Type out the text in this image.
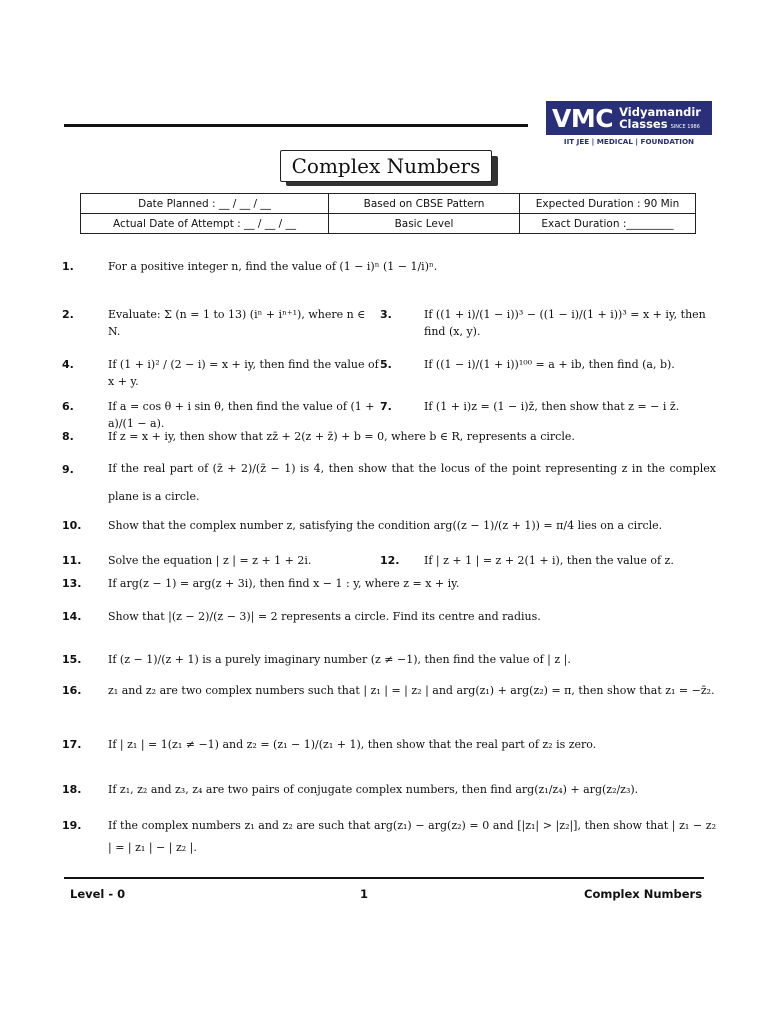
VMC Vidyamandir
Classes SINCE 1986
IIT JEE | MEDICAL | FOUNDATION
Complex Numbers
Date Planned : __ / __ / __	Based on CBSE Pattern	Expected Duration : 90 Min
Actual Date of Attempt : __ / __ / __	Basic Level	Exact Duration :_________
1.	For a positive integer n, find the value of (1 − i)ⁿ (1 − 1/i)ⁿ.
2.	Evaluate: Σ (n = 1 to 13) (iⁿ + iⁿ⁺¹), where n ∈ N.
3.	If ((1 + i)/(1 − i))³ − ((1 − i)/(1 + i))³ = x + iy, then find (x, y).
4.	If (1 + i)² / (2 − i) = x + iy, then find the value of x + y.
5.	If ((1 − i)/(1 + i))¹⁰⁰ = a + ib, then find (a, b).
6.	If a = cos θ + i sin θ, then find the value of (1 + a)/(1 − a).
7.	If (1 + i)z = (1 − i)z̄, then show that z = − i z̄.
8.	If z = x + iy, then show that zz̄ + 2(z + z̄) + b = 0, where b ∈ R, represents a circle.
9.	If the real part of (z̄ + 2)/(z̄ − 1) is 4, then show that the locus of the point representing z in the complex plane is a circle.
10. Show that the complex number z, satisfying the condition arg((z − 1)/(z + 1)) = π/4 lies on a circle.
11. Solve the equation | z | = z + 1 + 2i.	12. If | z + 1 | = z + 2(1 + i), then the value of z.
13. If arg(z − 1) = arg(z + 3i), then find x − 1 : y, where z = x + iy.
14. Show that |(z − 2)/(z − 3)| = 2 represents a circle. Find its centre and radius.
15. If (z − 1)/(z + 1) is a purely imaginary number (z ≠ −1), then find the value of | z |.
16. z₁ and z₂ are two complex numbers such that | z₁ | = | z₂ | and arg(z₁) + arg(z₂) = π, then show that z₁ = −z̄₂.
17. If | z₁ | = 1(z₁ ≠ −1) and z₂ = (z₁ − 1)/(z₁ + 1), then show that the real part of z₂ is zero.
18. If z₁, z₂ and z₃, z₄ are two pairs of conjugate complex numbers, then find arg(z₁/z₄) + arg(z₂/z₃).
19. If the complex numbers z₁ and z₂ are such that arg(z₁) − arg(z₂) = 0 and [|z₁| > |z₂|], then show that | z₁ − z₂ | = | z₁ | − | z₂ |.
Level - 0	1	Complex Numbers
